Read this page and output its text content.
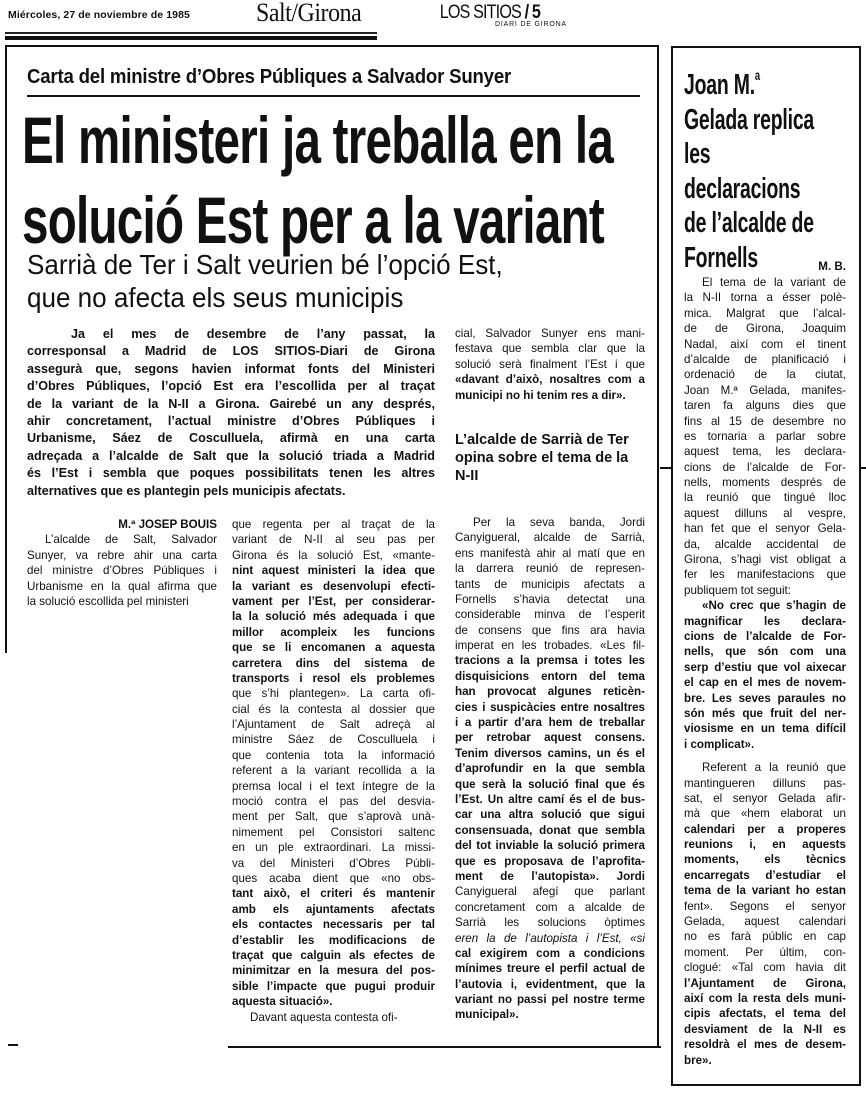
Miércoles, 27 de noviembre de 1985	Salt/Girona	LOS SITIOS / 5
DIARI DE GIRONA
Carta del ministre d’Obres Públiques a Salvador Sunyer
El ministeri ja treballa en la
solució Est per a la variant
Sarrià de Ter i Salt veurien bé l’opció Est,
que no afecta els seus municipis
Ja el mes de desembre de l’any passat, la
corresponsal a Madrid de LOS SITIOS-Diari de Girona
assegurà que, segons havien informat fonts del Ministeri
d’Obres Públiques, l’opció Est era l’escollida per al traçat
de la variant de la N-II a Girona. Gairebé un any després,
ahir concretament, l’actual ministre d’Obres Públiques i
Urbanisme, Sáez de Cosculluela, afirmà en una carta
adreçada a l’alcalde de Salt que la solució triada a Madrid
és l’Est i sembla que poques possibilitats tenen les altres
alternatives que es plantegin pels municipis afectats.
M.ª JOSEP BOUIS
L’alcalde de Salt, Salvador
Sunyer, va rebre ahir una carta
del ministre d’Obres Públiques i
Urbanisme en la qual afirma que
la solució escollida pel ministeri
que regenta per al traçat de la
variant de N-II al seu pas per
Girona és la solució Est, «mante-
nint aquest ministeri la idea que
la variant es desenvolupi efecti-
vament per l’Est, per considerar-
la la solució més adequada i que
millor acompleix les funcions
que se li encomanen a aquesta
carretera dins del sistema de
transports i resol els problemes
que s’hi plantegen». La carta ofi-
cial és la contesta al dossier que
l’Ajuntament de Salt adreçà al
ministre Sáez de Cosculluela i
que contenia tota la informació
referent a la variant recollida a la
premsa local i el text íntegre de la
moció contra el pas del desvia-
ment per Salt, que s’aprovà unà-
nimement pel Consistori saltenc
en un ple extraordinari. La missi-
va del Ministeri d’Obres Públi-
ques acaba dient que «no obs-
tant això, el criteri és mantenir
amb els ajuntaments afectats
els contactes necessaris per tal
d’establir les modificacions de
traçat que calguin als efectes de
minimitzar en la mesura del pos-
sible l’impacte que pugui produir
aquesta situació».
Davant aquesta contesta ofi-
cial, Salvador Sunyer ens mani-
festava que sembla clar que la
solució serà finalment l’Est i que
«davant d’això, nosaltres com a
municipi no hi tenim res a dir».
L’alcalde de Sarrià de Ter
opina sobre el tema de la
N-II
Per la seva banda, Jordi
Canyigueral, alcalde de Sarrià,
ens manifestà ahir al matí que en
la darrera reunió de represen-
tants de municipis afectats a
Fornells s’havia detectat una
considerable minva de l’esperit
de consens que fins ara havia
imperat en les trobades. «Les fil-
tracions a la premsa i totes les
disquisicions entorn del tema
han provocat algunes reticèn-
cies i suspicàcies entre nosaltres
i a partir d’ara hem de treballar
per retrobar aquest consens.
Tenim diversos camins, un és el
d’aprofundir en la que sembla
que serà la solució final que és
l’Est. Un altre camí és el de bus-
car una altra solució que sigui
consensuada, donat que sembla
del tot inviable la solució primera
que es proposava de l’aprofita-
ment de l’autopista». Jordi
Canyigueral afegí que parlant
concretament com a alcalde de
Sarrià les solucions òptimes
eren la de l’autopista i l’Est, «si
cal exigirem com a condicions
mínimes treure el perfil actual de
l’autovia i, evidentment, que la
variant no passi pel nostre terme
municipal».
Joan M.$^a$
Gelada replica
les
declaracions
de l’alcalde de
Fornells	M. B.
El tema de la variant de
la N-II torna a ésser polè-
mica. Malgrat que l’alcal-
de de Girona, Joaquim
Nadal, així com el tinent
d’alcalde de planificació i
ordenació de la ciutat,
Joan M.ª Gelada, manifes-
taren fa alguns dies que
fins al 15 de desembre no
es tornaria a parlar sobre
aquest tema, les declara-
cions de l’alcalde de For-
nells, moments després de
la reunió que tingué lloc
aquest dilluns al vespre,
han fet que el senyor Gela-
da, alcalde accidental de
Girona, s’hagi vist obligat a
fer les manifestacions que
publiquem tot seguit:
«No crec que s’hagin de
magnificar les declara-
cions de l’alcalde de For-
nells, que són com una
serp d’estiu que vol aixecar
el cap en el mes de novem-
bre. Les seves paraules no
són més que fruit del ner-
viosisme en un tema difícil
i complicat».
Referent a la reunió que
mantingueren dilluns pas-
sat, el senyor Gelada afir-
mà que «hem elaborat un
calendari per a properes
reunions i, en aquests
moments, els tècnics
encarregats d’estudiar el
tema de la variant ho estan
fent». Segons el senyor
Gelada, aquest calendari
no es farà públic en cap
moment. Per últim, con-
clogué: «Tal com havia dit
l’Ajuntament de Girona,
així com la resta dels muni-
cipis afectats, el tema del
desviament de la N-II es
resoldrà el mes de desem-
bre».
